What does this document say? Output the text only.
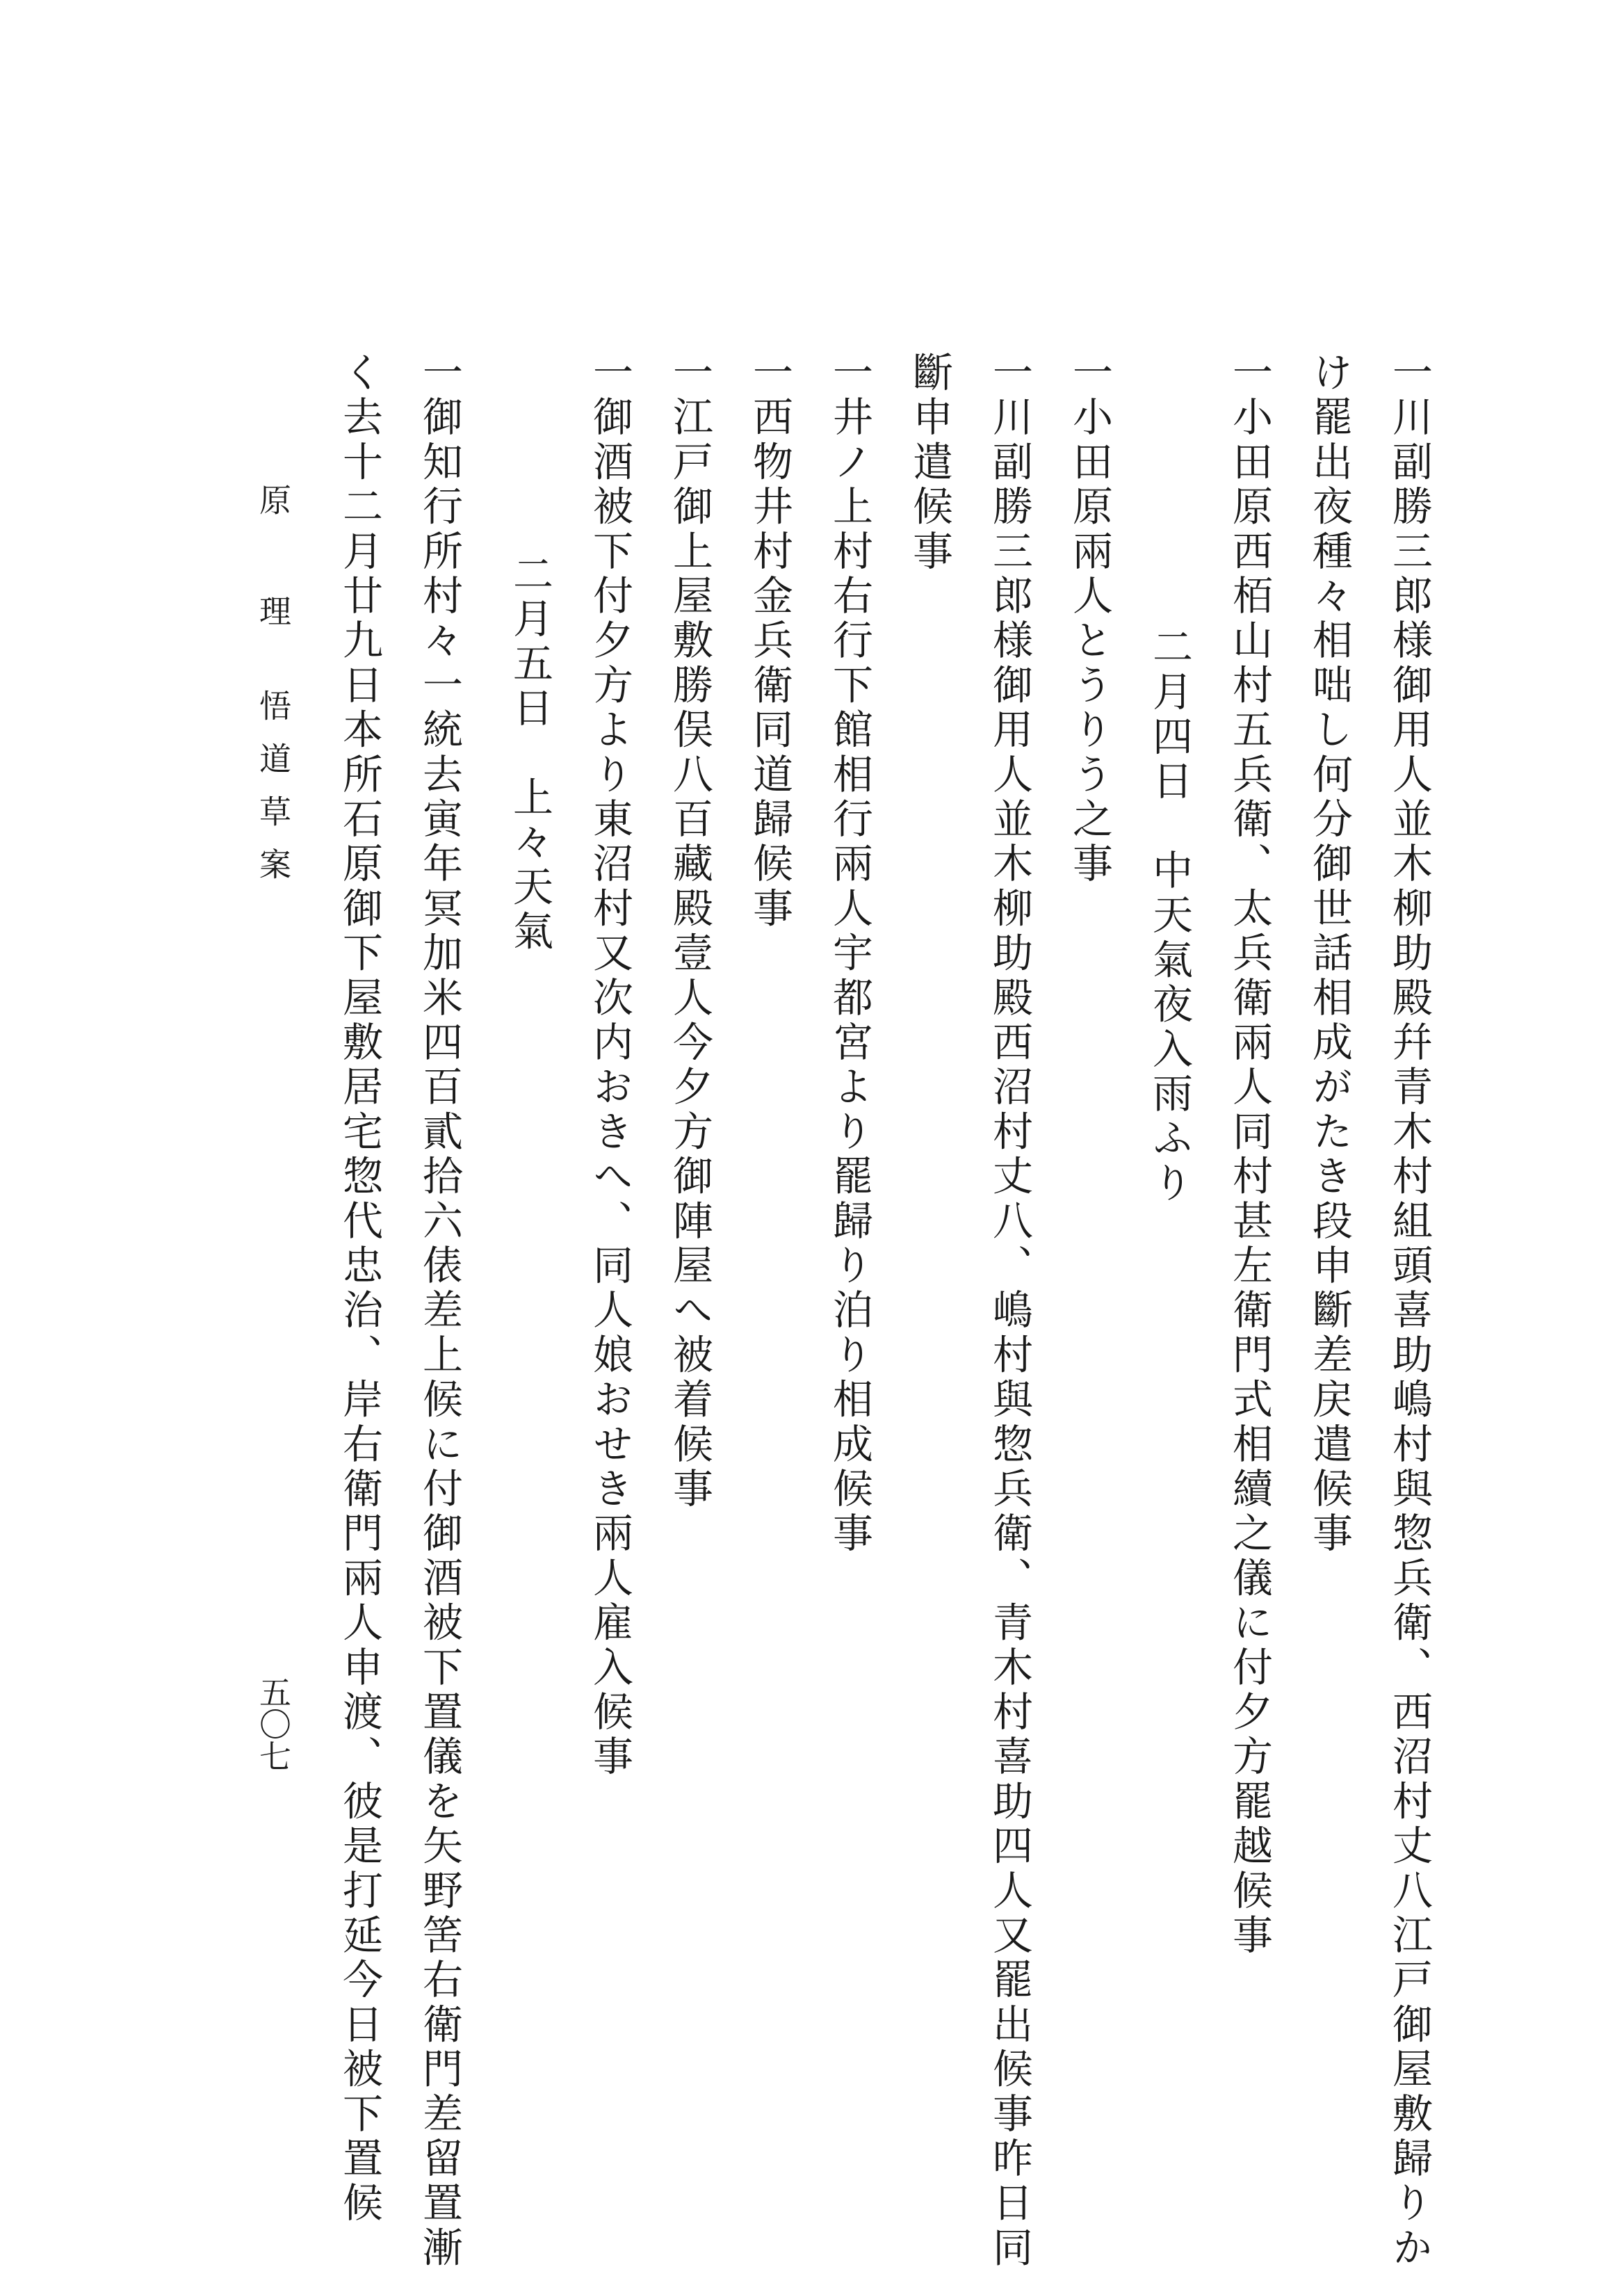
一川副勝三郎様御用人並木柳助殿幷青木村組頭喜助嶋村與惣兵衛、西沼村丈八江戸御屋敷歸りか
け罷出夜種々相咄し何分御世話相成がたき段申斷差戻遣候事
一小田原西栢山村五兵衛、太兵衛兩人同村甚左衛門式相續之儀に付夕方罷越候事
二月四日　中天氣夜入雨ふり
一小田原兩人とうりう之事
一川副勝三郎様御用人並木柳助殿西沼村丈八、嶋村與惣兵衛、青木村喜助四人又罷出候事昨日同
斷申遣候事
一井ノ上村右行下館相行兩人宇都宮より罷歸り泊り相成候事
一西物井村金兵衛同道歸候事
一江戸御上屋敷勝俣八百藏殿壹人今夕方御陣屋へ被着候事
一御酒被下付夕方より東沼村又次内おきへ、同人娘おせき兩人雇入候事
二月五日　上々天氣
一御知行所村々一統去寅年冥加米四百貳拾六俵差上候に付御酒被下置儀を矢野筈右衛門差留置漸
く去十二月廿九日本所石原御下屋敷居宅惣代忠治、岸右衛門兩人申渡、彼是打延今日被下置候
原 理悟道草案
五〇七
